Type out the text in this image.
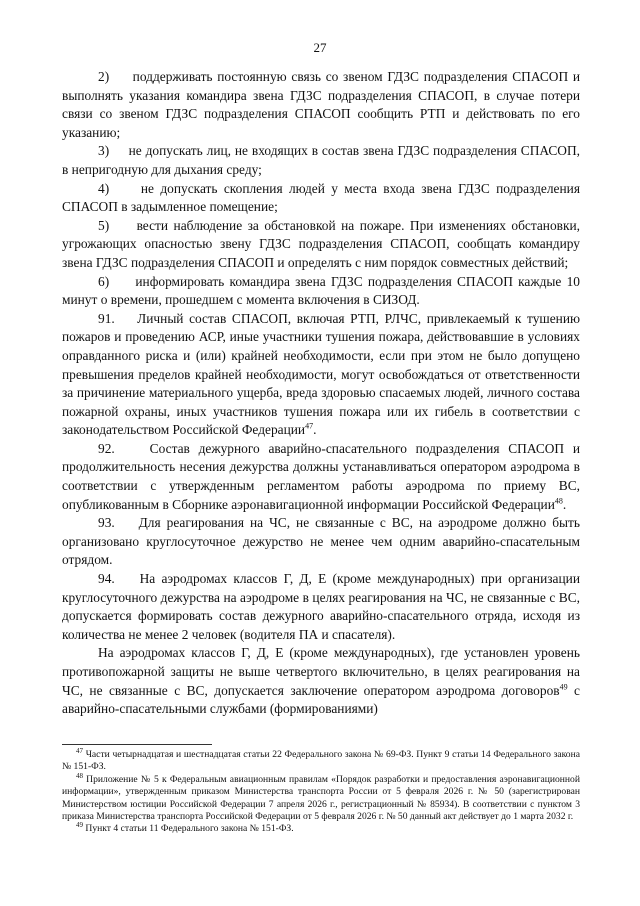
27

2)     поддерживать постоянную связь со звеном ГДЗС подразделения СПАСОП и выполнять указания командира звена ГДЗС подразделения СПАСОП, в случае потери связи со звеном ГДЗС подразделения СПАСОП сообщить РТП и действовать по его указанию;

3)     не допускать лиц, не входящих в состав звена ГДЗС подразделения СПАСОП, в непригодную для дыхания среду;

4)     не допускать скопления людей у места входа звена ГДЗС подразделения СПАСОП в задымленное помещение;

5)     вести наблюдение за обстановкой на пожаре. При изменениях обстановки, угрожающих опасностью звену ГДЗС подразделения СПАСОП, сообщать командиру звена ГДЗС подразделения СПАСОП и определять с ним порядок совместных действий;

6)     информировать командира звена ГДЗС подразделения СПАСОП каждые 10 минут о времени, прошедшем с момента включения в СИЗОД.

91.    Личный состав СПАСОП, включая РТП, РЛЧС, привлекаемый к тушению пожаров и проведению АСР, иные участники тушения пожара, действовавшие в условиях оправданного риска и (или) крайней необходимости, если при этом не было допущено превышения пределов крайней необходимости, могут освобождаться от ответственности за причинение материального ущерба, вреда здоровью спасаемых людей, личного состава пожарной охраны, иных участников тушения пожара или их гибель в соответствии с законодательством Российской Федерации$^{47}$.

92.    Состав дежурного аварийно-спасательного подразделения СПАСОП и продолжительность несения дежурства должны устанавливаться оператором аэродрома в соответствии с утвержденным регламентом работы аэродрома по приему ВС, опубликованным в Сборнике аэронавигационной информации Российской Федерации$^{48}$.

93.    Для реагирования на ЧС, не связанные с ВС, на аэродроме должно быть организовано круглосуточное дежурство не менее чем одним аварийно-спасательным отрядом.

94.    На аэродромах классов Г, Д, Е (кроме международных) при организации круглосуточного дежурства на аэродроме в целях реагирования на ЧС, не связанные с ВС, допускается формировать состав дежурного аварийно-спасательного отряда, исходя из количества не менее 2 человек (водителя ПА и спасателя).

На аэродромах классов Г, Д, Е (кроме международных), где установлен уровень противопожарной защиты не выше четвертого включительно, в целях реагирования на ЧС, не связанные с ВС, допускается заключение оператором аэродрома договоров$^{49}$ с аварийно-спасательными службами (формированиями)

$^{47}$ Части четырнадцатая и шестнадцатая статьи 22 Федерального закона № 69-ФЗ. Пункт 9 статьи 14 Федерального закона № 151-ФЗ.

$^{48}$ Приложение № 5 к Федеральным авиационным правилам «Порядок разработки и предоставления аэронавигационной информации», утвержденным приказом Министерства транспорта России от 5 февраля 2026 г. № 50 (зарегистрирован Министерством юстиции Российской Федерации 7 апреля 2026 г., регистрационный № 85934). В соответствии с пунктом 3 приказа Министерства транспорта Российской Федерации от 5 февраля 2026 г. № 50 данный акт действует до 1 марта 2032 г.

$^{49}$ Пункт 4 статьи 11 Федерального закона № 151-ФЗ.
